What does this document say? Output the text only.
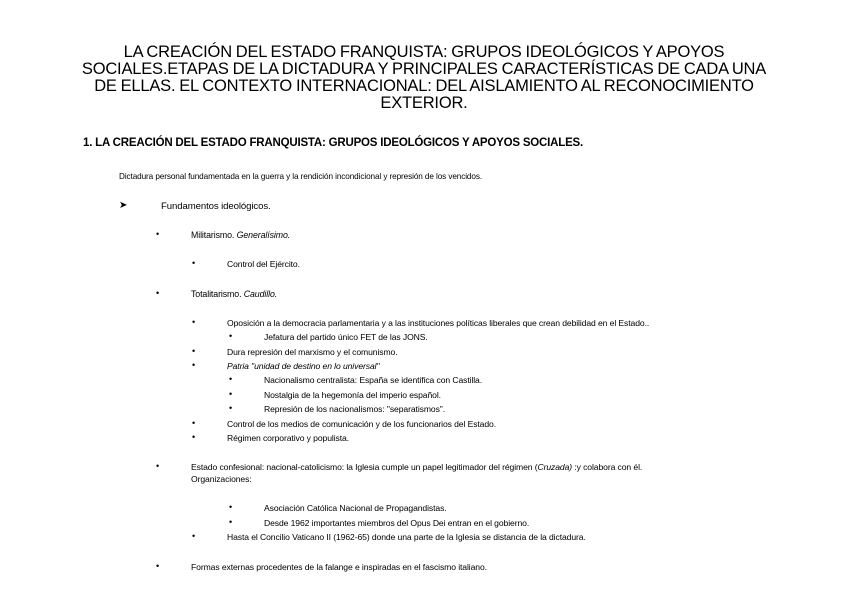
LA CREACIÓN DEL ESTADO FRANQUISTA: GRUPOS IDEOLÓGICOS Y APOYOS
SOCIALES.ETAPAS DE LA DICTADURA Y PRINCIPALES CARACTERÍSTICAS DE CADA UNA
DE ELLAS. EL CONTEXTO INTERNACIONAL: DEL AISLAMIENTO AL RECONOCIMIENTO
EXTERIOR.
1. LA CREACIÓN DEL ESTADO FRANQUISTA: GRUPOS IDEOLÓGICOS Y APOYOS SOCIALES.
Dictadura personal fundamentada en la guerra y la rendición incondicional y represión de los vencidos.
➤	Fundamentos ideológicos.
•	Militarismo. Generalísimo.
•	Control del Ejército.
•	Totalitarismo. Caudillo.
•	Oposición a la democracia parlamentaria y a las instituciones políticas liberales que crean debilidad en el Estado..
•	Jefatura del partido único FET de las JONS.
•	Dura represión del marxismo y el comunismo.
•	Patria "unidad de destino en lo universal"
•	Nacionalismo centralista: España se identifica con Castilla.
•	Nostalgia de la hegemonía del imperio español.
•	Represión de los nacionalismos: "separatismos".
•	Control de los medios de comunicación y de los funcionarios del Estado.
•	Régimen corporativo y populista.
•	Estado confesional: nacional-catolicismo: la Iglesia cumple un papel legitimador del régimen (Cruzada) :y colabora con él.
Organizaciones:
•	Asociación Católica Nacional de Propagandistas.
•	Desde 1962 importantes miembros del Opus Dei entran en el gobierno.
•	Hasta el Concilio Vaticano II (1962-65) donde una parte de la Iglesia se distancia de la dictadura.
•	Formas externas procedentes de la falange e inspiradas en el fascismo italiano.
